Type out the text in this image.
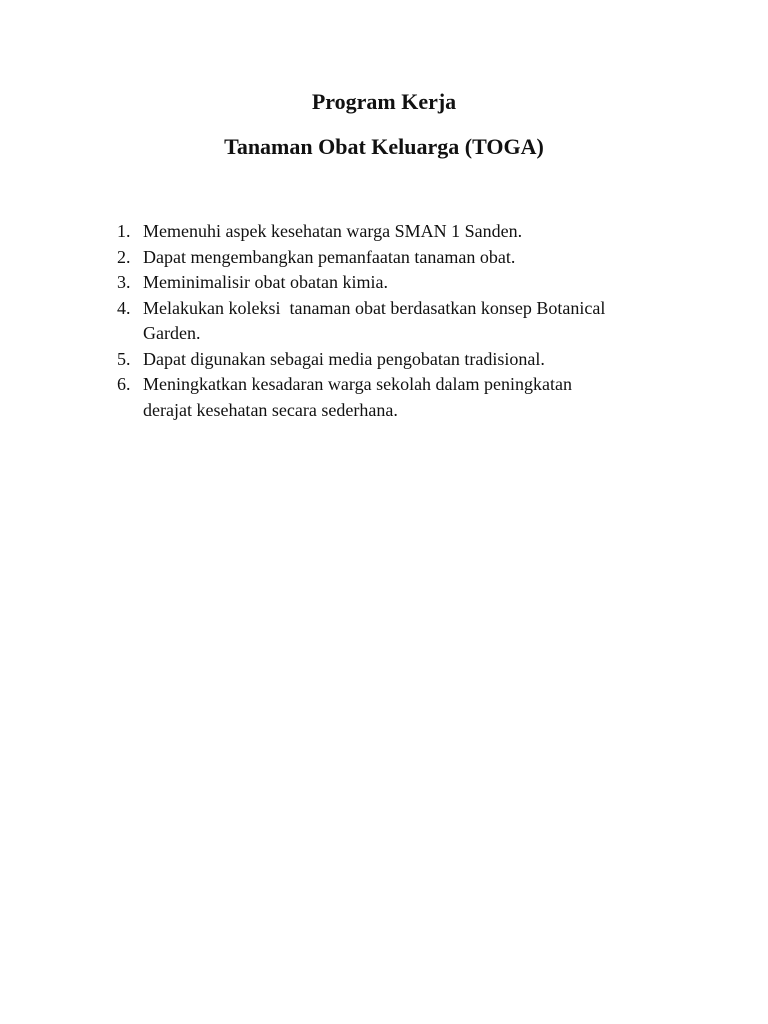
Program Kerja
Tanaman Obat Keluarga (TOGA)
1. Memenuhi aspek kesehatan warga SMAN 1 Sanden.
2. Dapat mengembangkan pemanfaatan tanaman obat.
3. Meminimalisir obat obatan kimia.
4. Melakukan koleksi  tanaman obat berdasatkan konsep Botanical
Garden.
5. Dapat digunakan sebagai media pengobatan tradisional.
6. Meningkatkan kesadaran warga sekolah dalam peningkatan
derajat kesehatan secara sederhana.
